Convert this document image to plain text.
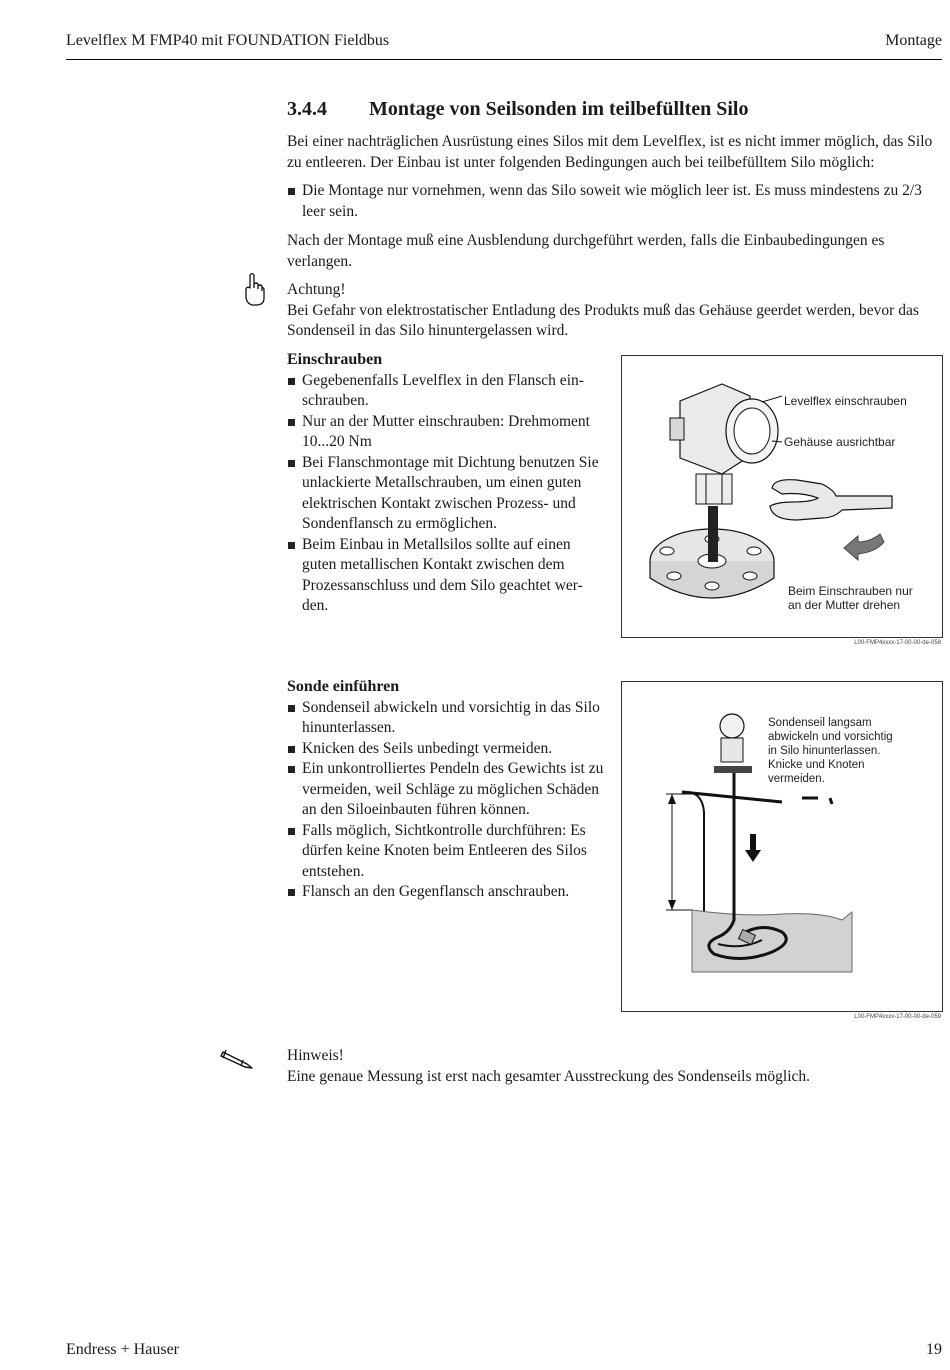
Levelflex M FMP40 mit FOUNDATION Fieldbus	Montage
3.4.4 Montage von Seilsonden im teilbefüllten Silo
Bei einer nachträglichen Ausrüstung eines Silos mit dem Levelflex, ist es nicht immer möglich, das Silo zu entleeren. Der Einbau ist unter folgenden Bedingungen auch bei teilbefülltem Silo möglich:
Die Montage nur vornehmen, wenn das Silo soweit wie möglich leer ist. Es muss mindestens zu 2/3 leer sein.
Nach der Montage muß eine Ausblendung durchgeführt werden, falls die Einbaubedingungen es verlangen.
Achtung!
Bei Gefahr von elektrostatischer Entladung des Produkts muß das Gehäuse geerdet werden, bevor das Sondenseil in das Silo hinuntergelassen wird.
Einschrauben
Gegebenenfalls Levelflex in den Flansch ein-schrauben.
Nur an der Mutter einschrauben: Drehmoment 10...20 Nm
Bei Flanschmontage mit Dichtung benutzen Sie unlackierte Metallschrauben, um einen guten elektrischen Kontakt zwischen Prozess- und Sondenflansch zu ermöglichen.
Beim Einbau in Metallsilos sollte auf einen guten metallischen Kontakt zwischen dem Prozessanschluss und dem Silo geachtet wer-den.
Levelflex einschrauben
Gehäuse ausrichtbar
Beim Einschrauben nur
an der Mutter drehen
L00-FMP4xxxx-17-00-00-de-058
Sonde einführen
Sondenseil abwickeln und vorsichtig in das Silo hinunterlassen.
Knicken des Seils unbedingt vermeiden.
Ein unkontrolliertes Pendeln des Gewichts ist zu vermeiden, weil Schläge zu möglichen Schäden an den Siloeinbauten führen können.
Falls möglich, Sichtkontrolle durchführen: Es dürfen keine Knoten beim Entleeren des Silos entstehen.
Flansch an den Gegenflansch anschrauben.
Sondenseil langsam
abwickeln und vorsichtig
in Silo hinunterlassen.
Knicke und Knoten
vermeiden.
L00-FMP4xxxx-17-00-00-de-059
Hinweis!
Eine genaue Messung ist erst nach gesamter Ausstreckung des Sondenseils möglich.
Endress + Hauser	19
